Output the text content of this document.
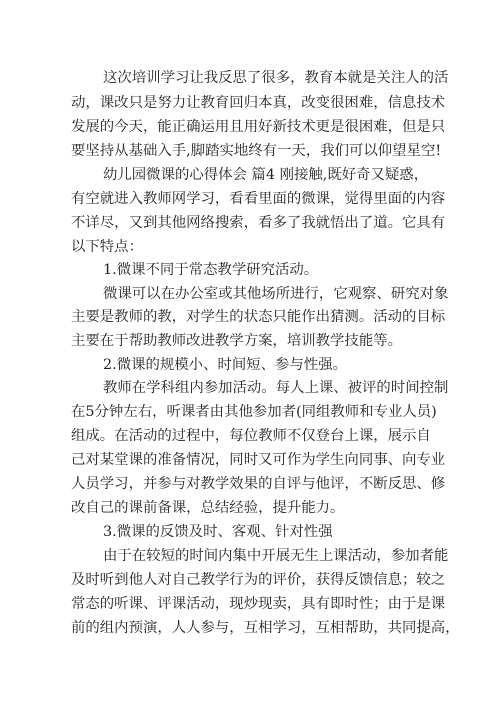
这次培训学习让我反思了很多，教育本就是关注人的活
动，课改只是努力让教育回归本真，改变很困难，信息技术
发展的今天，能正确运用且用好新技术更是很困难，但是只
要坚持从基础入手,脚踏实地终有一天，我们可以仰望星空!
幼儿园微课的心得体会 篇4 刚接触,既好奇又疑惑，
有空就进入教师网学习，看看里面的微课，觉得里面的内容
不详尽，又到其他网络搜索，看多了我就悟出了道。它具有
以下特点：
1.微课不同于常态教学研究活动。
微课可以在办公室或其他场所进行，它观察、研究对象
主要是教师的教，对学生的状态只能作出猜测。活动的目标
主要在于帮助教师改进教学方案，培训教学技能等。
2.微课的规模小、时间短、参与性强。
教师在学科组内参加活动。每人上课、被评的时间控制
在5分钟左右，听课者由其他参加者(同组教师和专业人员)
组成。在活动的过程中，每位教师不仅登台上课，展示自
己对某堂课的准备情况，同时又可作为学生向同事、向专业
人员学习，并参与对教学效果的自评与他评，不断反思、修
改自己的课前备课，总结经验，提升能力。
3.微课的反馈及时、客观、针对性强
由于在较短的时间内集中开展无生上课活动，参加者能
及时听到他人对自己教学行为的评价，获得反馈信息；较之
常态的听课、评课活动，现炒现卖，具有即时性；由于是课
前的组内预演，人人参与，互相学习，互相帮助，共同提高，
